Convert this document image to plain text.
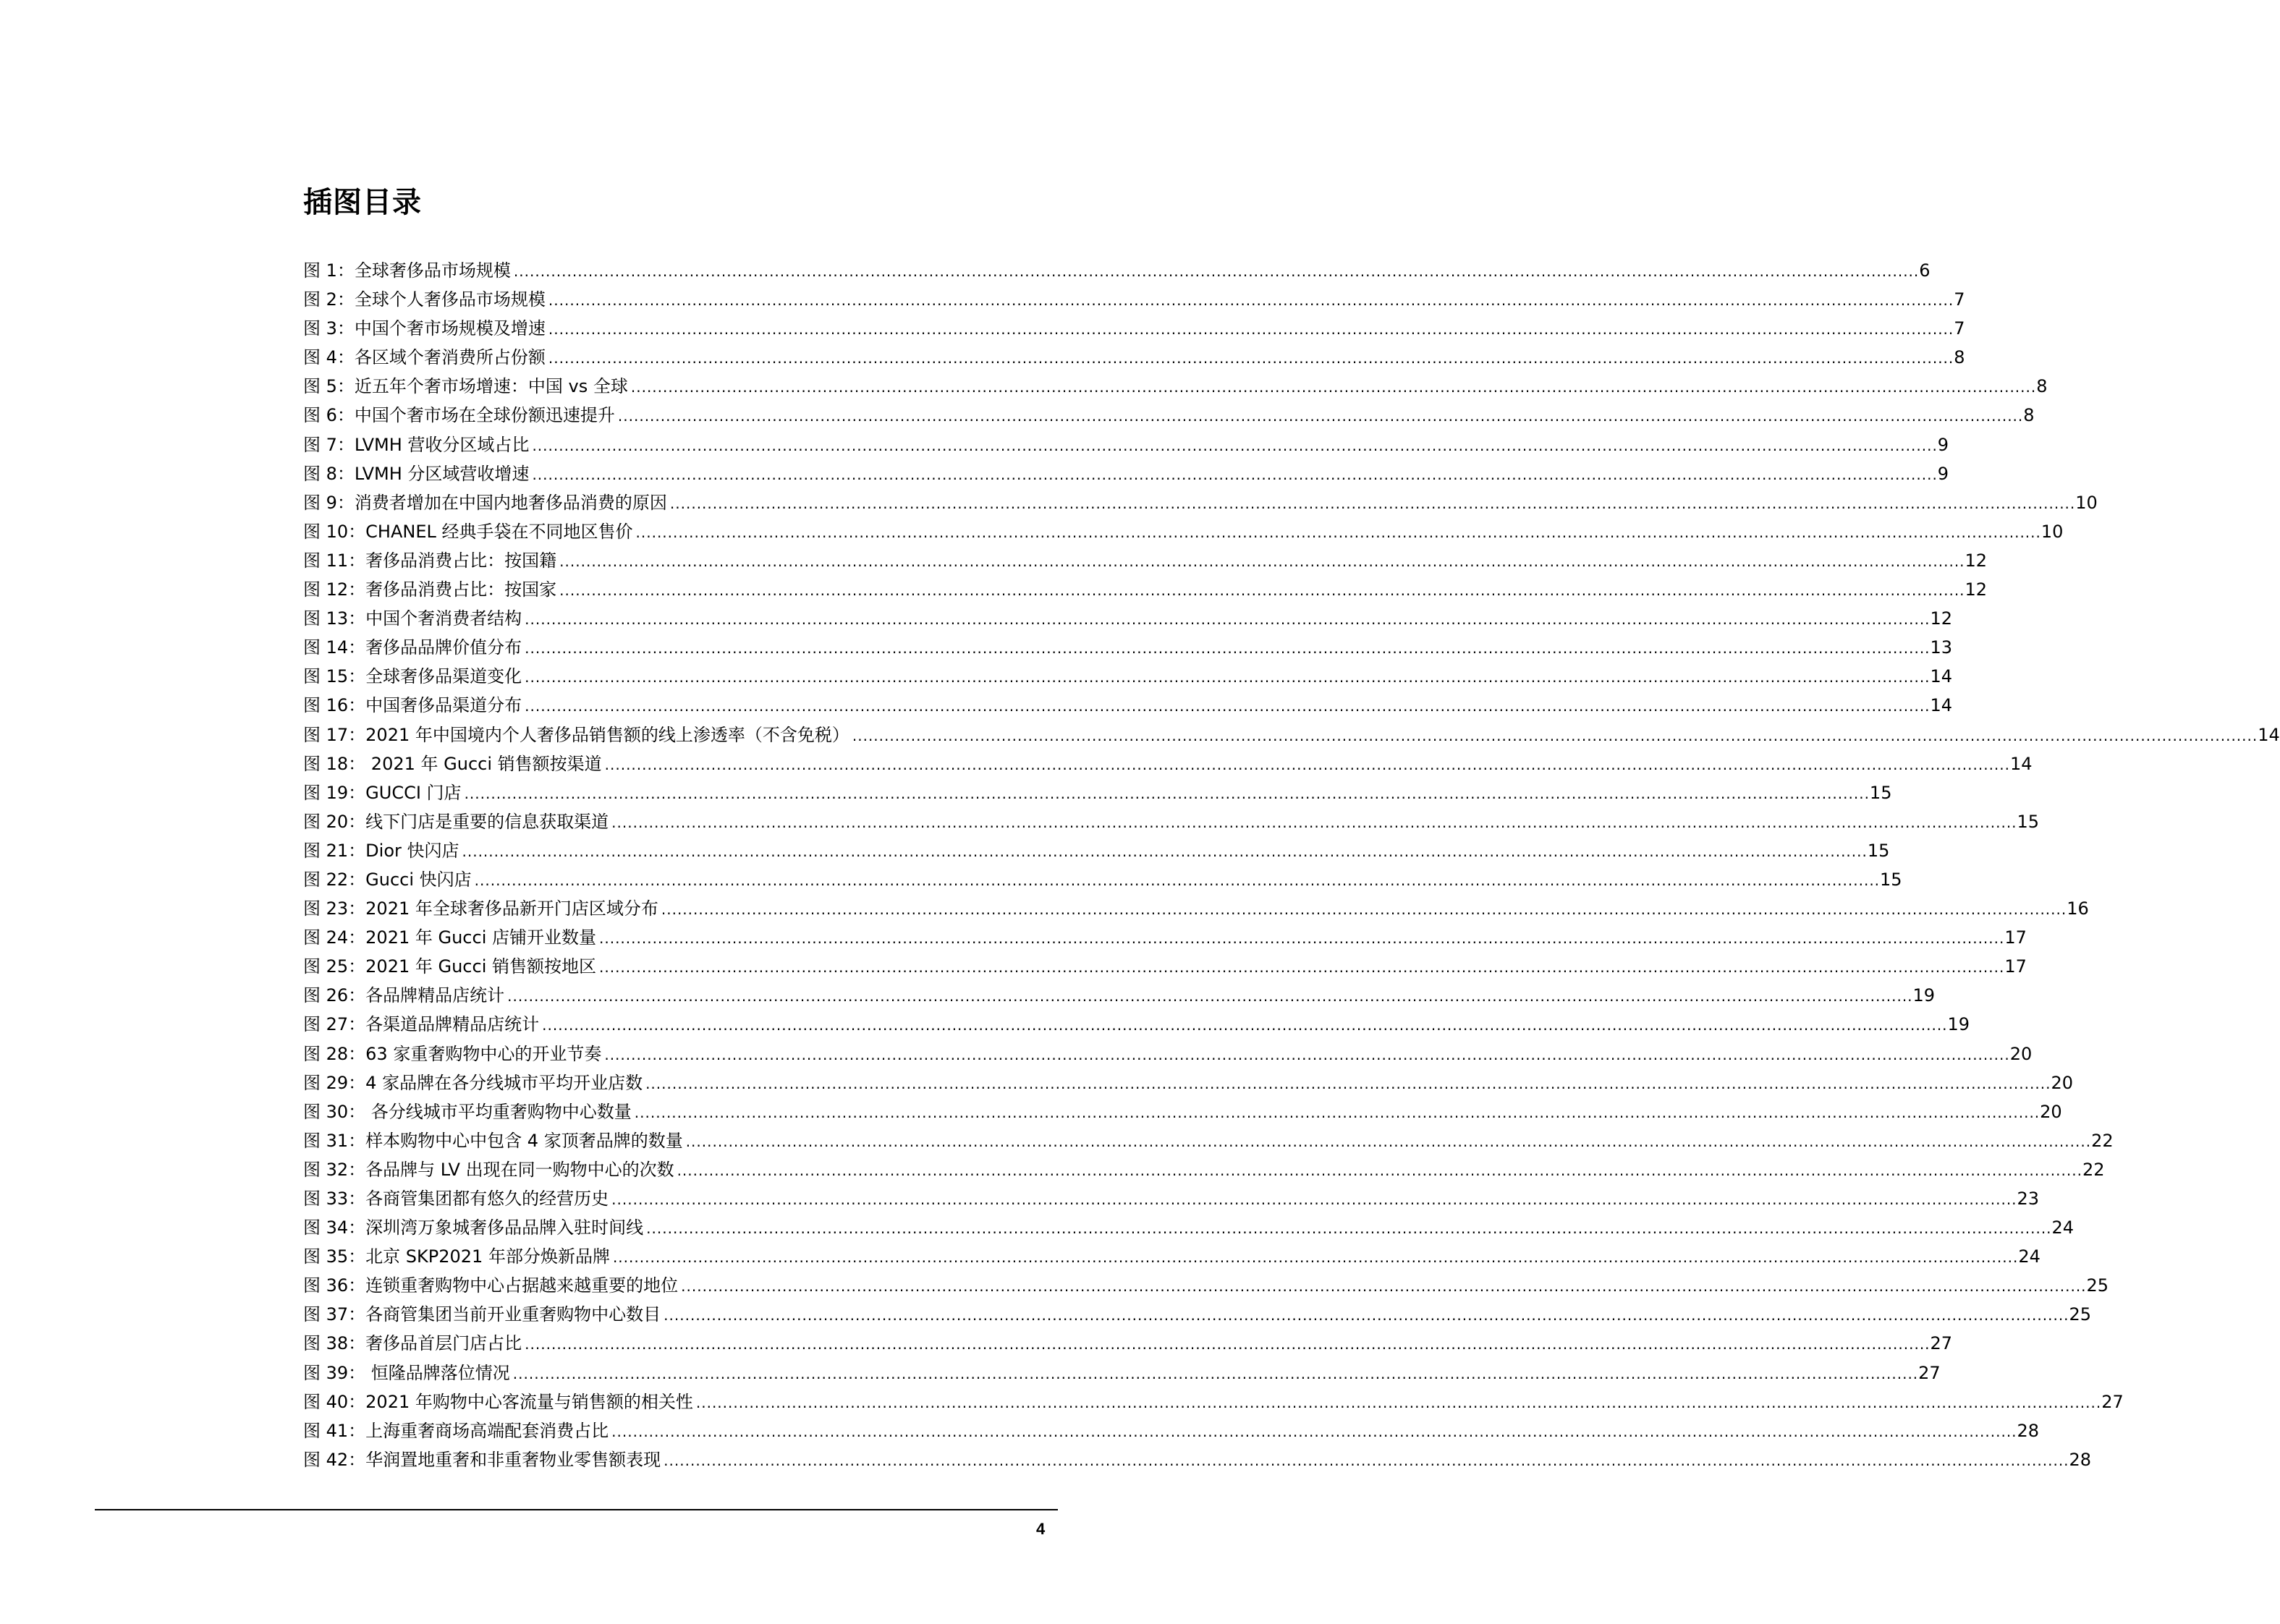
插图目录
图 1：全球奢侈品市场规模 .....	6
图 2：全球个人奢侈品市场规模 .....	7
图 3：中国个奢市场规模及增速 .....	7
图 4：各区域个奢消费所占份额 .....	8
图 5：近五年个奢市场增速：中国 vs 全球 .....	8
图 6：中国个奢市场在全球份额迅速提升 .....	8
图 7：LVMH 营收分区域占比 .....	9
图 8：LVMH 分区域营收增速 .....	9
图 9：消费者增加在中国内地奢侈品消费的原因 .....	10
图 10：CHANEL 经典手袋在不同地区售价 .....	10
图 11：奢侈品消费占比：按国籍 .....	12
图 12：奢侈品消费占比：按国家 .....	12
图 13：中国个奢消费者结构 .....	12
图 14：奢侈品品牌价值分布 .....	13
图 15：全球奢侈品渠道变化 .....	14
图 16：中国奢侈品渠道分布 .....	14
图 17：2021 年中国境内个人奢侈品销售额的线上渗透率（不含免税） .....	14
图 18： 2021 年 Gucci 销售额按渠道 .....	14
图 19：GUCCI 门店 .....	15
图 20：线下门店是重要的信息获取渠道 .....	15
图 21：Dior 快闪店 .....	15
图 22：Gucci 快闪店 .....	15
图 23：2021 年全球奢侈品新开门店区域分布 .....	16
图 24：2021 年 Gucci 店铺开业数量 .....	17
图 25：2021 年 Gucci 销售额按地区 .....	17
图 26：各品牌精品店统计 .....	19
图 27：各渠道品牌精品店统计 .....	19
图 28：63 家重奢购物中心的开业节奏 .....	20
图 29：4 家品牌在各分线城市平均开业店数 .....	20
图 30： 各分线城市平均重奢购物中心数量 .....	20
图 31：样本购物中心中包含 4 家顶奢品牌的数量 .....	22
图 32：各品牌与 LV 出现在同一购物中心的次数 .....	22
图 33：各商管集团都有悠久的经营历史 .....	23
图 34：深圳湾万象城奢侈品品牌入驻时间线 .....	24
图 35：北京 SKP2021 年部分焕新品牌 .....	24
图 36：连锁重奢购物中心占据越来越重要的地位 .....	25
图 37：各商管集团当前开业重奢购物中心数目 .....	25
图 38：奢侈品首层门店占比 .....	27
图 39： 恒隆品牌落位情况 .....	27
图 40：2021 年购物中心客流量与销售额的相关性 .....	27
图 41：上海重奢商场高端配套消费占比 .....	28
图 42：华润置地重奢和非重奢物业零售额表现 .....	28
4
